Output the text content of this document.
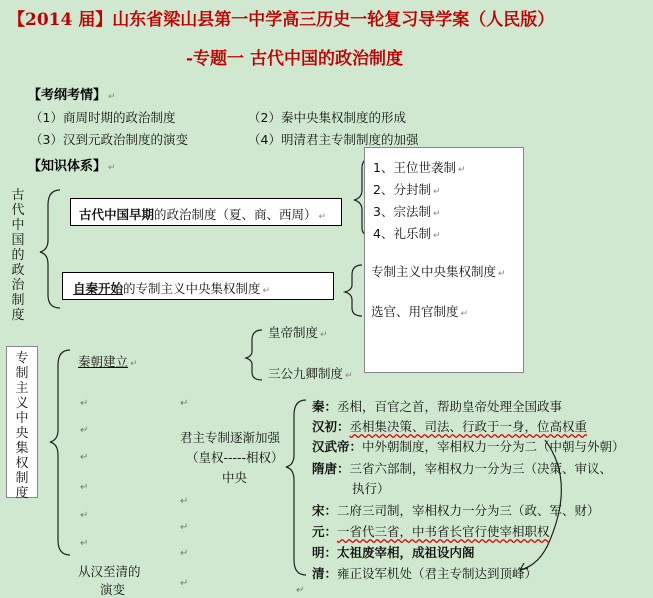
【2014 届】山东省梁山县第一中学高三历史一轮复习导学案（人民版）
-专题一 古代中国的政治制度
【考纲考情】 ↵
（1）商周时期的政治制度	（2）秦中央集权制度的形成
（3）汉到元政治制度的演变	（4）明清君主专制制度的加强
【知识体系】 ↵
古代中国的政治制度
古代中国早期的政治制度（夏、商、西周） ↵
自秦开始的专制主义中央集权制度 ↵
1、王位世袭制 ↵
2、分封制 ↵
3、宗法制 ↵
4、礼乐制 ↵
专制主义中央集权制度 ↵
选官、用官制度 ↵
专制主义中央集权制度
秦朝建立 ↵
皇帝制度 ↵
三公九卿制度 ↵
↵
↵
↵
↵
↵
↵
↵
↵
↵
↵
↵
↵
从汉至清的
演变
君主专制逐渐加强
（皇权-----相权）
中央
秦：丞相，百官之首，帮助皇帝处理全国政事
汉初：丞相集决策、司法、行政于一身，位高权重
汉武帝：中外朝制度，宰相权力一分为二（中朝与外朝）
隋唐：三省六部制，宰相权力一分为三（决策、审议、
执行）
宋：二府三司制，宰相权力一分为三（政、军、财）
元：一省代三省，中书省长官行使宰相职权
明：太祖废宰相，成祖设内阁
清：雍正设军机处（君主专制达到顶峰）
